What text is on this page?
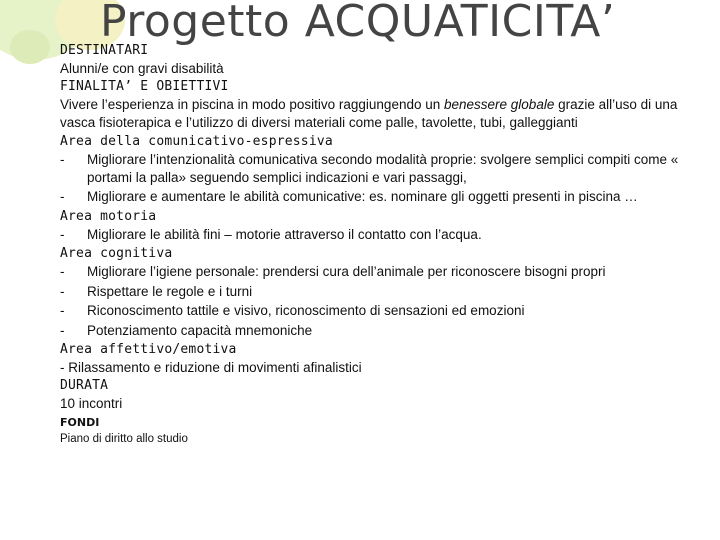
Progetto ACQUATICITA’
DESTINATARI
Alunni/e con gravi disabilità
FINALITA’ E OBIETTIVI
Vivere l’esperienza in piscina in modo positivo raggiungendo un benessere globale grazie all’uso di una vasca fisioterapica e l’utilizzo di diversi materiali come palle, tavolette, tubi, galleggianti
Area della comunicativo-espressiva
- Migliorare l’intenzionalità comunicativa secondo modalità proprie: svolgere semplici compiti come « portami la palla» seguendo semplici indicazioni e vari passaggi,
- Migliorare e aumentare le abilità comunicative: es. nominare gli oggetti presenti in piscina …
Area motoria
- Migliorare le abilità fini – motorie attraverso il contatto con l’acqua.
Area cognitiva
- Migliorare l’igiene personale: prendersi cura dell’animale per riconoscere bisogni propri
- Rispettare le regole e i turni
- Riconoscimento tattile e visivo, riconoscimento di sensazioni ed emozioni
- Potenziamento capacità mnemoniche
Area affettivo/emotiva
- Rilassamento e riduzione di movimenti afinalistici
DURATA
10 incontri
FONDI
Piano di diritto allo studio
